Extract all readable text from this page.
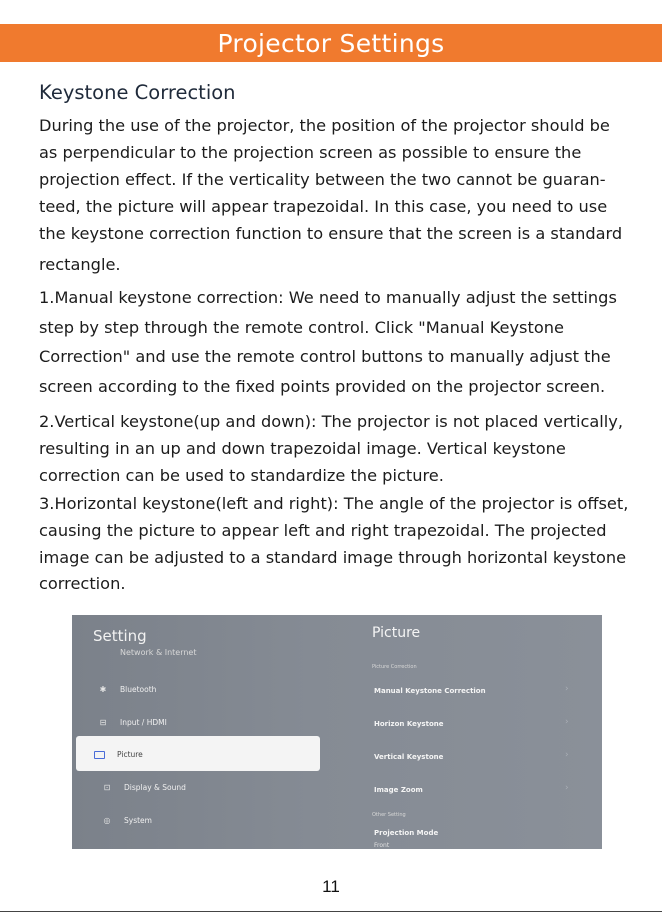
Projector Settings
Keystone Correction
During the use of the projector, the position of the projector should be
as perpendicular to the projection screen as possible to ensure the
projection effect. If the verticality between the two cannot be guaran-
teed, the picture will appear trapezoidal. In this case, you need to use
the keystone correction function to ensure that the screen is a standard
rectangle.
1.Manual keystone correction: We need to manually adjust the settings
step by step through the remote control. Click "Manual Keystone
Correction" and use the remote control buttons to manually adjust the
screen according to the fixed points provided on the projector screen.
2.Vertical keystone(up and down): The projector is not placed vertically,
resulting in an up and down trapezoidal image. Vertical keystone
correction can be used to standardize the picture.
3.Horizontal keystone(left and right): The angle of the projector is offset,
causing the picture to appear left and right trapezoidal. The projected
image can be adjusted to a standard image through horizontal keystone
correction.
Setting
Network & Internet
✱ Bluetooth
⊟ Input / HDMI
Picture
⊡ Display & Sound
◎ System
Picture
Picture Correction
Manual Keystone Correction	›
Horizon Keystone	›
Vertical Keystone	›
Image Zoom	›
Other Setting
Projection Mode
Front
11
